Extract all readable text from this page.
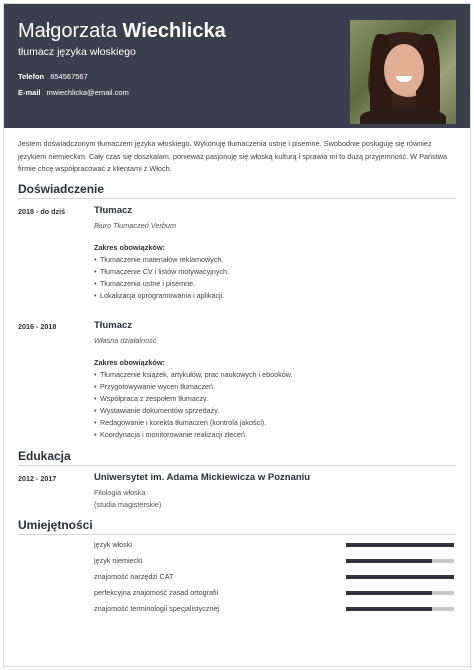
Małgorzata Wiechlicka
tłumacz języka włoskiego
Telefon 654567567
E-mail mwiechlicka@email.com
Jestem doświadczonym tłumaczem języka włoskiego. Wykonuję tłumaczenia ustne i pisemne. Swobodnie posługuję się również językiem niemieckim. Cały czas się doszkalam, ponieważ pasjonuję się włoską kulturą i sprawia mi to dużą przyjemność. W Państwa firmie chcę współpracować z klientami z Włoch.
Doświadczenie
2018 - do dziś	Tłumacz
Biuro Tłumaczeń Verbum
Zakres obowiązków:
• Tłumaczenie materiałów reklamowych.
• Tłumaczenie CV i listów motywacyjnych.
• Tłumaczenia ustne i pisemne.
• Lokalizacja oprogramowania i aplikacji.
2016 - 2018	Tłumacz
Własna działalność
Zakres obowiązków:
• Tłumaczenie książek, artykułów, prac naukowych i ebooków.
• Przygotowywanie wycen tłumaczeń.
• Współpraca z zespołem tłumaczy.
• Wystawianie dokumentów sprzedaży.
• Redagowanie i korekta tłumaczeń (kontrola jakości).
• Koordynacja i monitorowanie realizacji zleceń.
Edukacja
2012 - 2017	Uniwersytet im. Adama Mickiewicza w Poznaniu
Filologia włoska
(studia magisterskie)
Umiejętności
język włoski
język niemiecki
znajomość narzędzi CAT
perfekcyjna znajomość zasad ortografii
znajomość terminologii specjalistycznej
